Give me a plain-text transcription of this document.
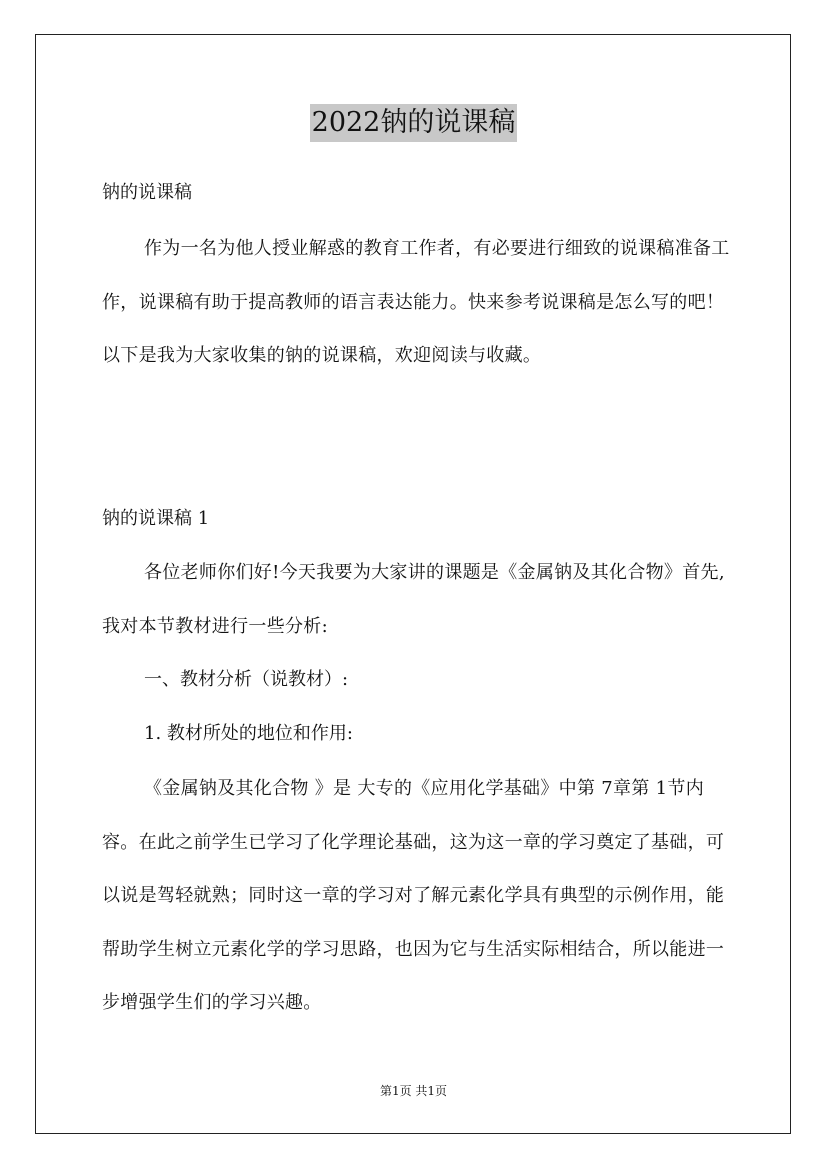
2022钠的说课稿
钠的说课稿

作为一名为他人授业解惑的教育工作者，有必要进行细致的说课稿准备工作，说课稿有助于提高教师的语言表达能力。快来参考说课稿是怎么写的吧！以下是我为大家收集的钠的说课稿，欢迎阅读与收藏。

钠的说课稿 1

各位老师你们好!今天我要为大家讲的课题是《金属钠及其化合物》首先,我对本节教材进行一些分析:

一、教材分析（说教材）:
1. 教材所处的地位和作用:

《金属钠及其化合物 》是 大专的《应用化学基础》中第 7章第 1节内容。在此之前学生已学习了化学理论基础，这为这一章的学习奠定了基础，可以说是驾轻就熟；同时这一章的学习对了解元素化学具有典型的示例作用，能帮助学生树立元素化学的学习思路，也因为它与生活实际相结合，所以能进一步增强学生们的学习兴趣。

第1页 共1页
